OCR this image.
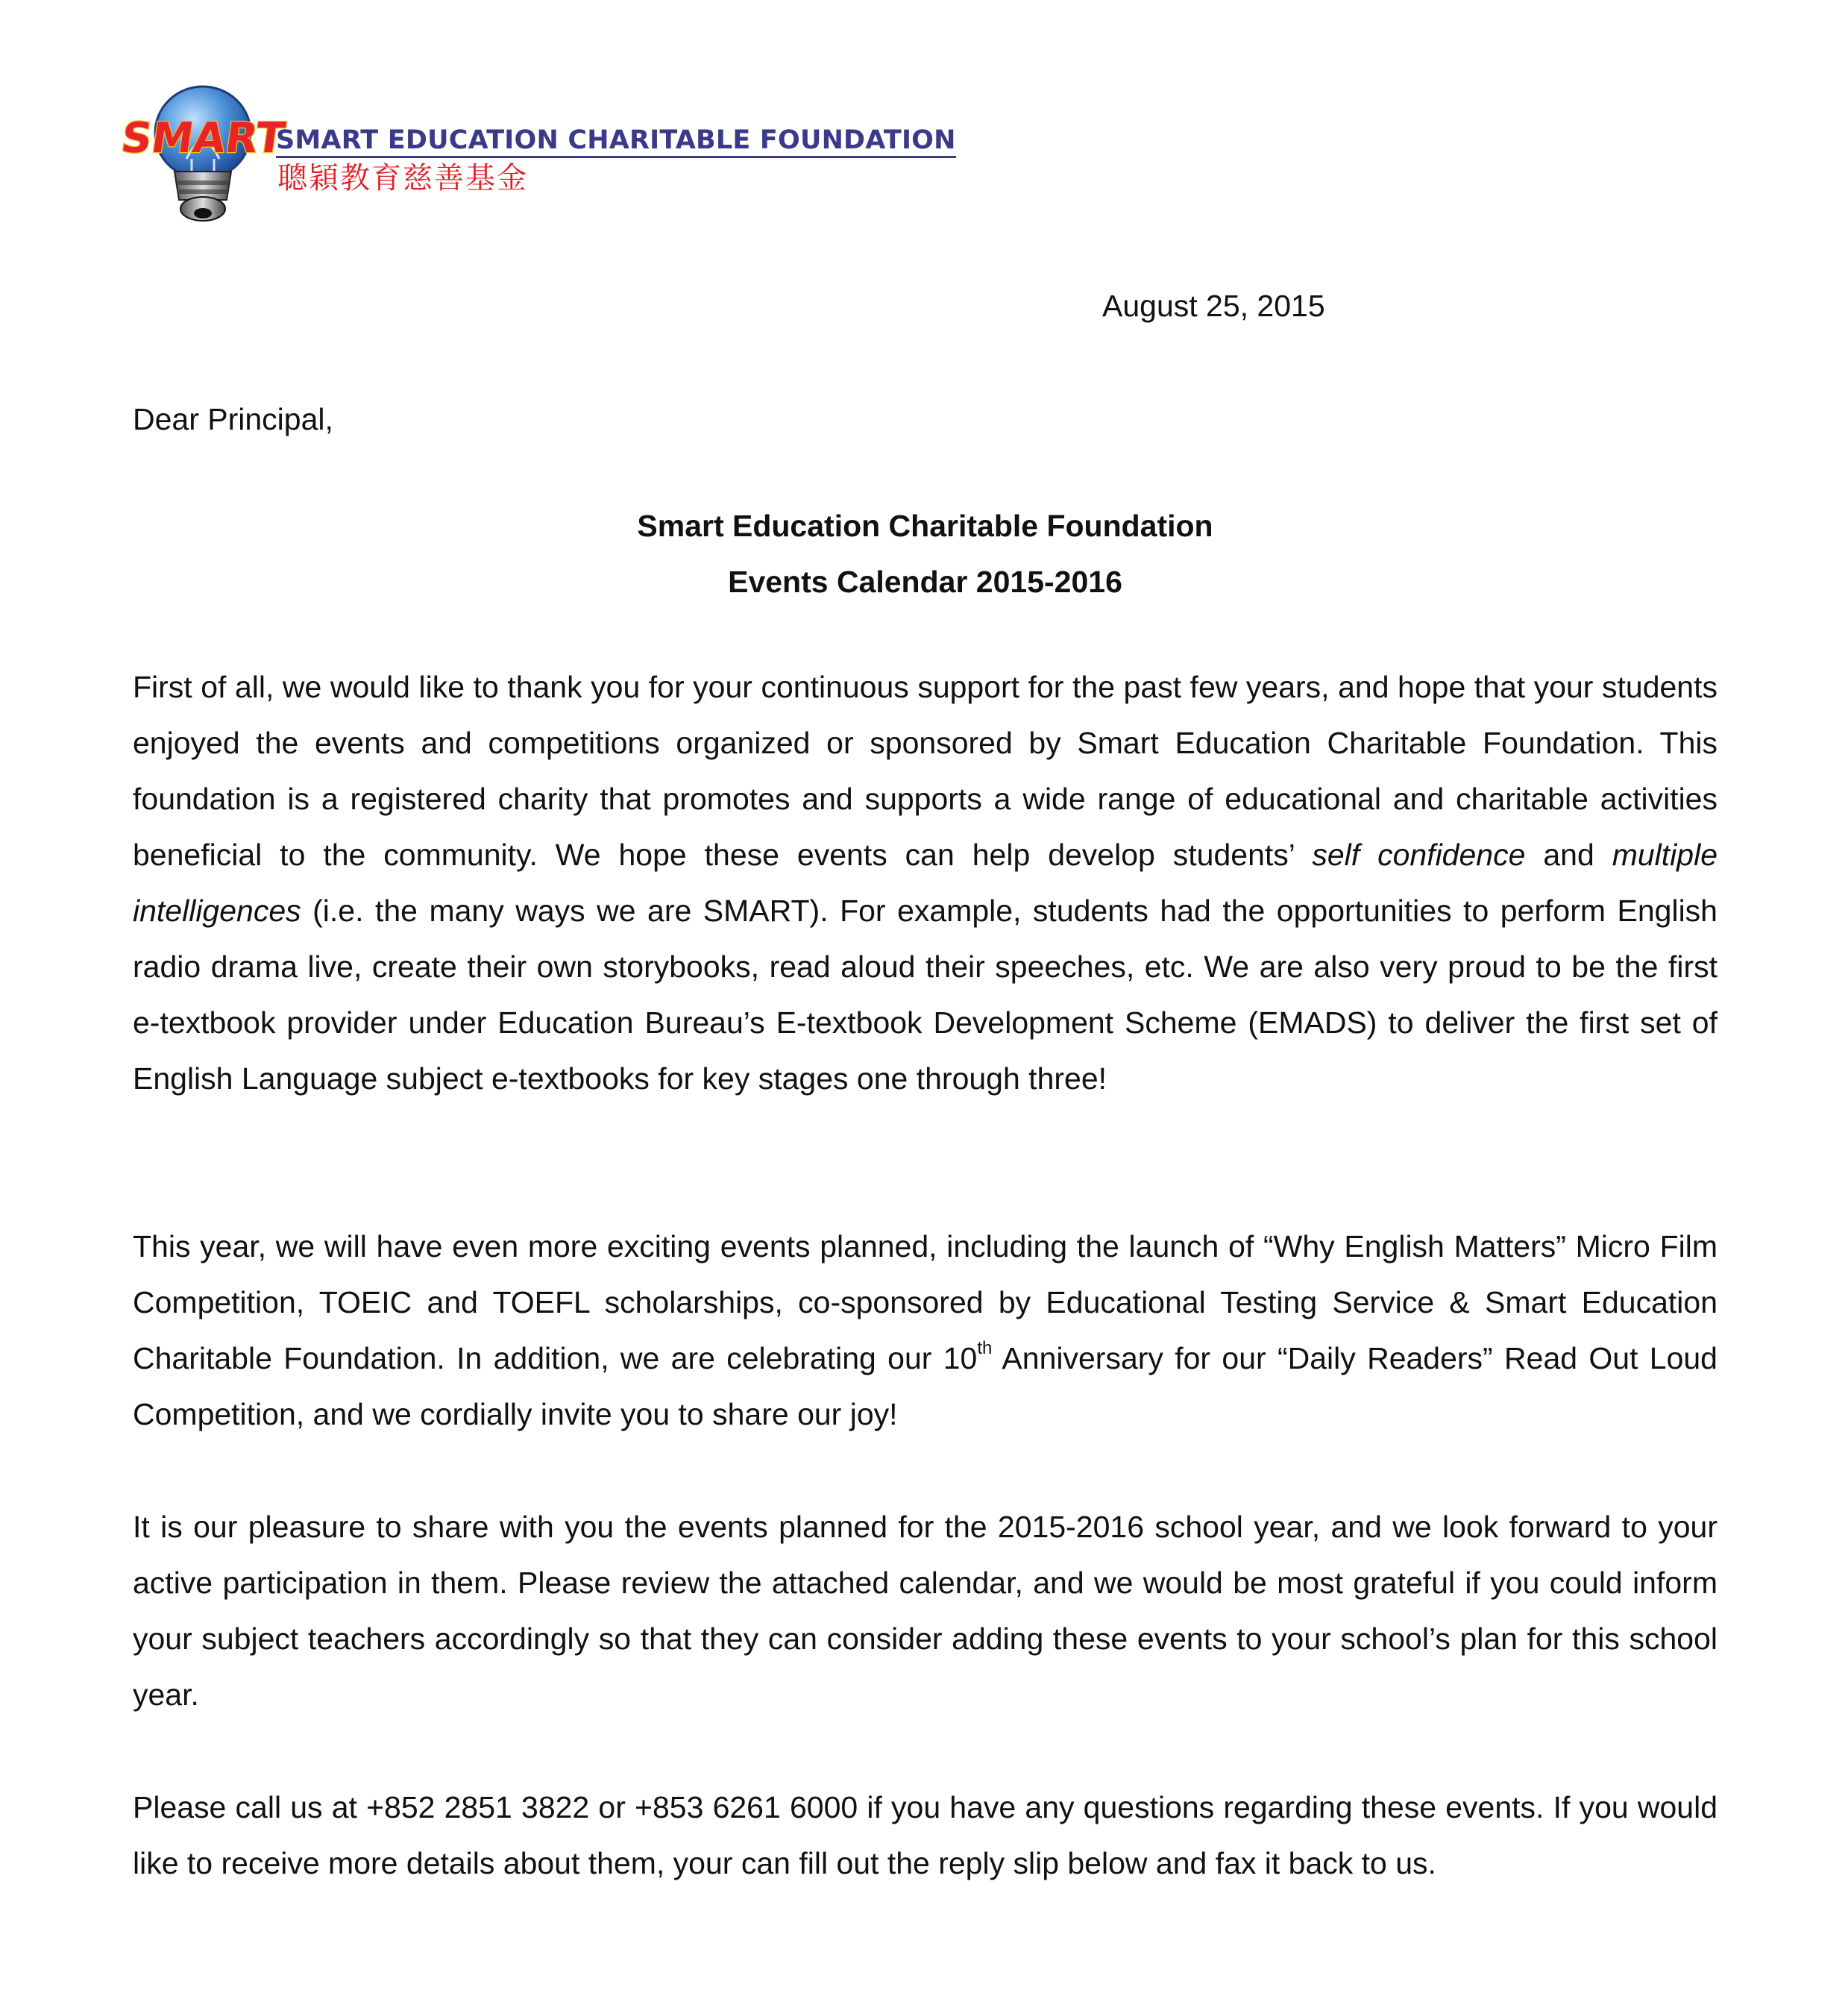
SMART
SMART EDUCATION CHARITABLE FOUNDATION
聰穎教育慈善基金
August 25, 2015
Dear Principal,
Smart Education Charitable Foundation
Events Calendar 2015-2016

First of all, we would like to thank you for your continuous support for the past few years, and hope that your students enjoyed the events and competitions organized or sponsored by Smart Education Charitable Foundation. This foundation is a registered charity that promotes and supports a wide range of educational and charitable activities beneficial to the community. We hope these events can help develop students’ self confidence and multiple intelligences (i.e. the many ways we are SMART). For example, students had the opportunities to perform English radio drama live, create their own storybooks, read aloud their speeches, etc. We are also very proud to be the first e-textbook provider under Education Bureau’s E-textbook Development Scheme (EMADS) to deliver the first set of English Language subject e-textbooks for key stages one through three!

This year, we will have even more exciting events planned, including the launch of “Why English Matters” Micro Film Competition, TOEIC and TOEFL scholarships, co-sponsored by Educational Testing Service & Smart Education Charitable Foundation. In addition, we are celebrating our 10th Anniversary for our “Daily Readers” Read Out Loud Competition, and we cordially invite you to share our joy!

It is our pleasure to share with you the events planned for the 2015-2016 school year, and we look forward to your active participation in them. Please review the attached calendar, and we would be most grateful if you could inform your subject teachers accordingly so that they can consider adding these events to your school’s plan for this school year.

Please call us at +852 2851 3822 or +853 6261 6000 if you have any questions regarding these events. If you would like to receive more details about them, your can fill out the reply slip below and fax it back to us.
